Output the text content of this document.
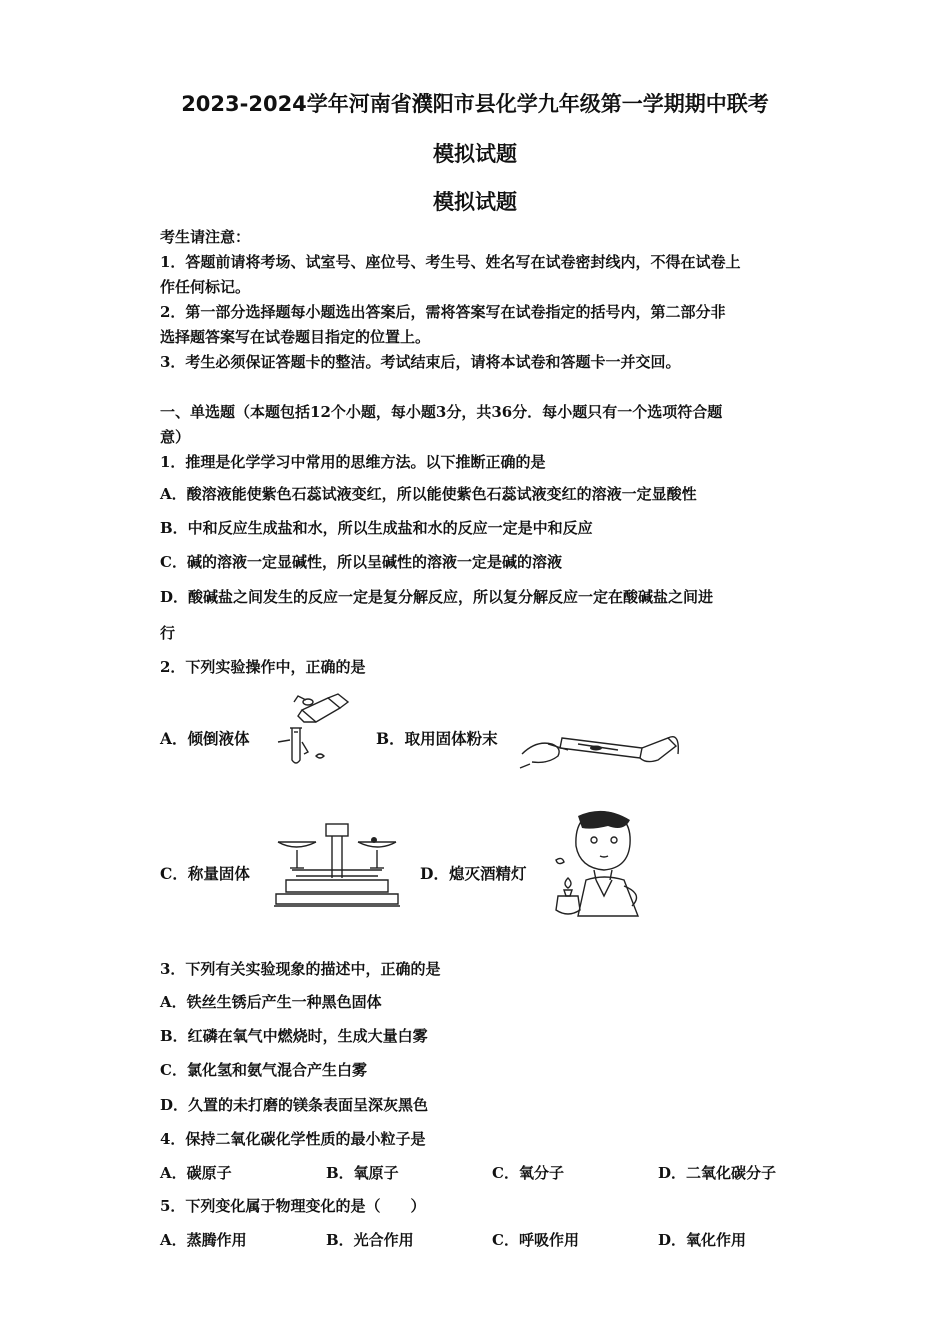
2023-2024学年河南省濮阳市县化学九年级第一学期期中联考
模拟试题
模拟试题
考生请注意：
1．答题前请将考场、试室号、座位号、考生号、姓名写在试卷密封线内，不得在试卷上
作任何标记。
2．第一部分选择题每小题选出答案后，需将答案写在试卷指定的括号内，第二部分非
选择题答案写在试卷题目指定的位置上。
3．考生必须保证答题卡的整洁。考试结束后，请将本试卷和答题卡一并交回。
一、单选题（本题包括12个小题，每小题3分，共36分．每小题只有一个选项符合题
意）
1．推理是化学学习中常用的思维方法。以下推断正确的是
A．酸溶液能使紫色石蕊试液变红，所以能使紫色石蕊试液变红的溶液一定显酸性
B．中和反应生成盐和水，所以生成盐和水的反应一定是中和反应
C．碱的溶液一定显碱性，所以呈碱性的溶液一定是碱的溶液
D．酸碱盐之间发生的反应一定是复分解反应，所以复分解反应一定在酸碱盐之间进
行
2．下列实验操作中，正确的是
A．倾倒液体	B．取用固体粉末
C．称量固体	D．熄灭酒精灯
3．下列有关实验现象的描述中，正确的是
A．铁丝生锈后产生一种黑色固体
B．红磷在氧气中燃烧时，生成大量白雾
C．氯化氢和氨气混合产生白雾
D．久置的未打磨的镁条表面呈深灰黑色
4．保持二氧化碳化学性质的最小粒子是
A．碳原子	B．氧原子	C．氧分子	D．二氧化碳分子
5．下列变化属于物理变化的是（　　）
A．蒸腾作用	B．光合作用	C．呼吸作用	D．氧化作用
